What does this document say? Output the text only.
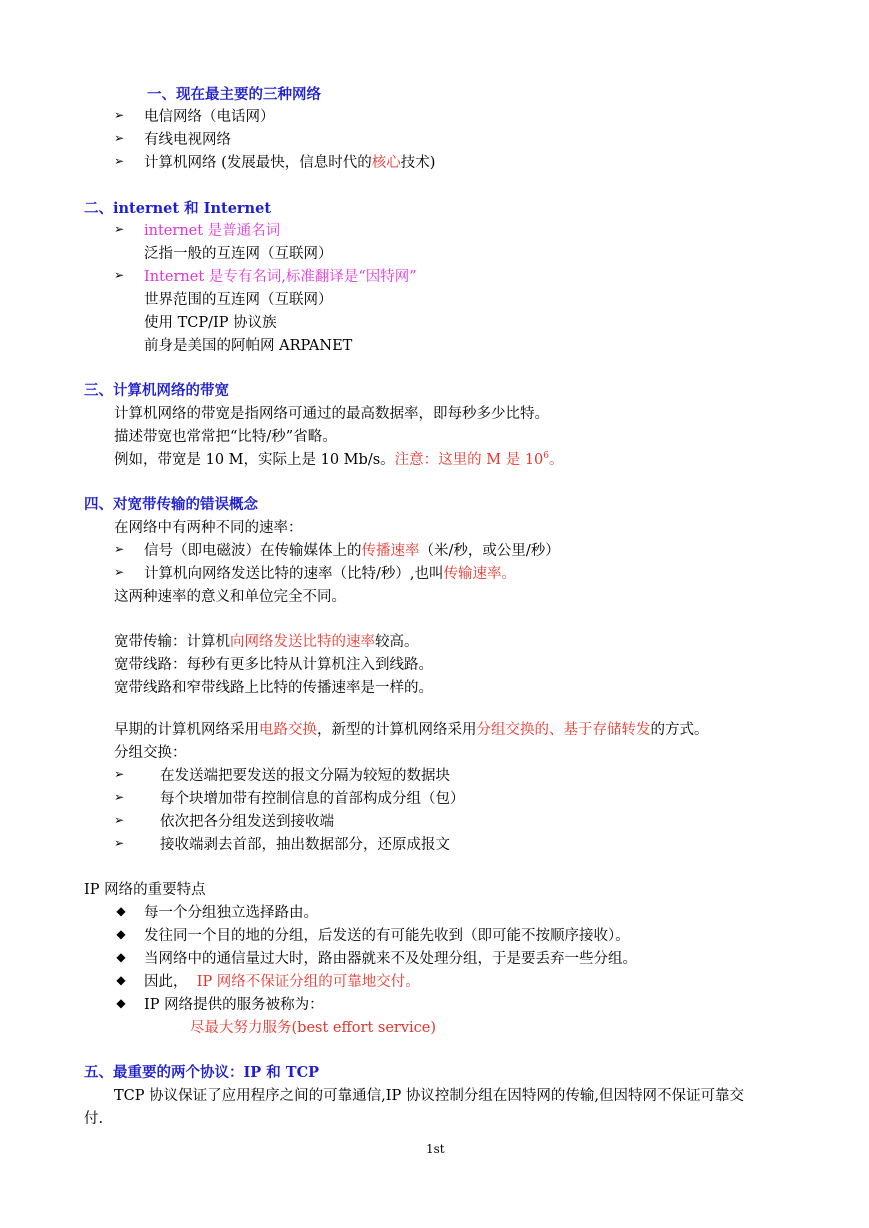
一、现在最主要的三种网络
➢ 电信网络（电话网）
➢ 有线电视网络
➢ 计算机网络 (发展最快，信息时代的核心技术)
二、internet 和 Internet
➢ internet 是普通名词
泛指一般的互连网（互联网）
➢ Internet 是专有名词,标准翻译是“因特网”
世界范围的互连网（互联网）
使用 TCP/IP 协议族
前身是美国的阿帕网 ARPANET
三、计算机网络的带宽
计算机网络的带宽是指网络可通过的最高数据率，即每秒多少比特。
描述带宽也常常把“比特/秒”省略。
例如，带宽是 10 M，实际上是 10 Mb/s。注意：这里的 M 是 $10^6$。
四、对宽带传输的错误概念
在网络中有两种不同的速率：
➢ 信号（即电磁波）在传输媒体上的传播速率（米/秒，或公里/秒）
➢ 计算机向网络发送比特的速率（比特/秒）,也叫传输速率。
这两种速率的意义和单位完全不同。
宽带传输：计算机向网络发送比特的速率较高。
宽带线路：每秒有更多比特从计算机注入到线路。
宽带线路和窄带线路上比特的传播速率是一样的。
早期的计算机网络采用电路交换，新型的计算机网络采用分组交换的、基于存储转发的方式。
分组交换：
➢ 在发送端把要发送的报文分隔为较短的数据块
➢ 每个块增加带有控制信息的首部构成分组（包）
➢ 依次把各分组发送到接收端
➢ 接收端剥去首部，抽出数据部分，还原成报文
IP 网络的重要特点
◆ 每一个分组独立选择路由。
◆ 发往同一个目的地的分组，后发送的有可能先收到（即可能不按顺序接收）。
◆ 当网络中的通信量过大时，路由器就来不及处理分组，于是要丢弃一些分组。
◆ 因此， IP 网络不保证分组的可靠地交付。
◆ IP 网络提供的服务被称为：
尽最大努力服务(best effort service)
五、最重要的两个协议：IP 和 TCP
TCP 协议保证了应用程序之间的可靠通信,IP 协议控制分组在因特网的传输,但因特网不保证可靠交
付.
1st
